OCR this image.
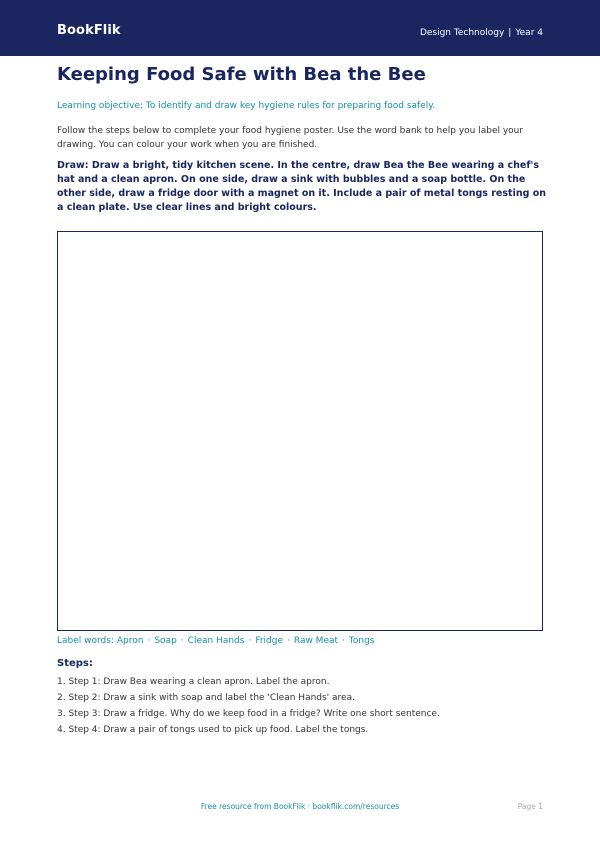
BookFlik	Design Technology | Year 4
Keeping Food Safe with Bea the Bee

Learning objective: To identify and draw key hygiene rules for preparing food safely.

Follow the steps below to complete your food hygiene poster. Use the word bank to help you label your drawing. You can colour your work when you are finished.

Draw: Draw a bright, tidy kitchen scene. In the centre, draw Bea the Bee wearing a chef's hat and a clean apron. On one side, draw a sink with bubbles and a soap bottle. On the other side, draw a fridge door with a magnet on it. Include a pair of metal tongs resting on a clean plate. Use clear lines and bright colours.

Label words: Apron · Soap · Clean Hands · Fridge · Raw Meat · Tongs
Steps:
1. Step 1: Draw Bea wearing a clean apron. Label the apron.
2. Step 2: Draw a sink with soap and label the 'Clean Hands' area.
3. Step 3: Draw a fridge. Why do we keep food in a fridge? Write one short sentence.
4. Step 4: Draw a pair of tongs used to pick up food. Label the tongs.
Free resource from BookFlik · bookflik.com/resources	Page 1
